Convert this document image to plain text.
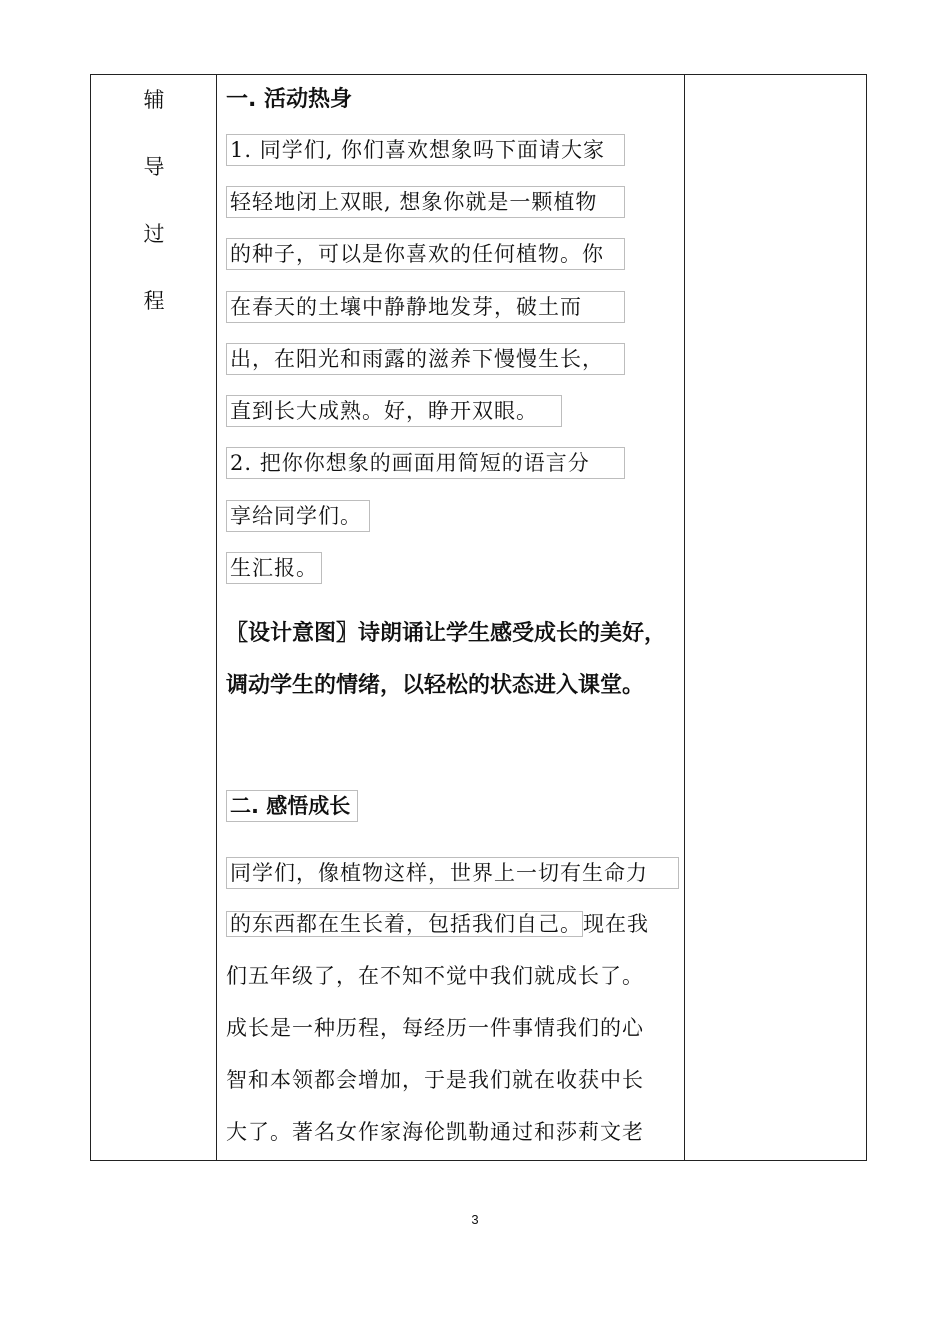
辅
导
过
程
一. 活动热身
1. 同学们, 你们喜欢想象吗下面请大家
轻轻地闭上双眼, 想象你就是一颗植物
的种子，可以是你喜欢的任何植物。你
在春天的土壤中静静地发芽，破土而
出，在阳光和雨露的滋养下慢慢生长，
直到长大成熟。好，睁开双眼。
2. 把你你想象的画面用简短的语言分
享给同学们。
生汇报。
〖设计意图〗诗朗诵让学生感受成长的美好，调动学生的情绪，以轻松的状态进入课堂。
二. 感悟成长
同学们，像植物这样，世界上一切有生命力
的东西都在生长着，包括我们自己。现在我
们五年级了，在不知不觉中我们就成长了。
成长是一种历程，每经历一件事情我们的心
智和本领都会增加，于是我们就在收获中长
大了。著名女作家海伦凯勒通过和莎莉文老
3
